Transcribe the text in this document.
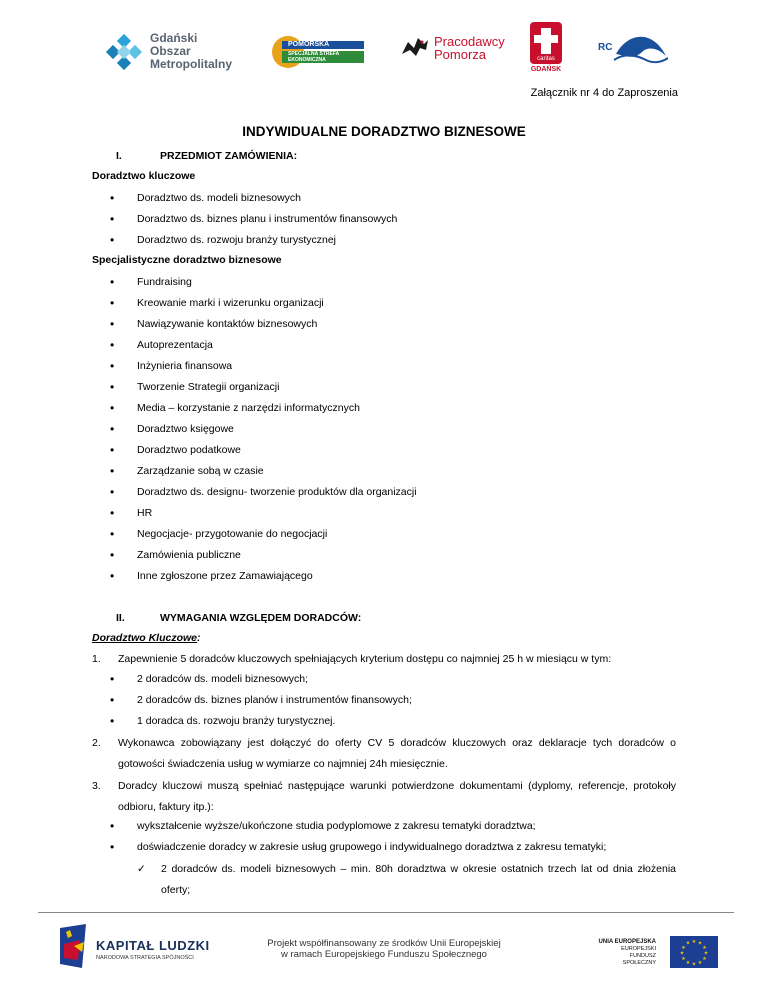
Gdański Obszar Metropolitalny
POMORSKA
SPECJALNA STREFA EKONOMICZNA
Pracodawcy Pomorza	caritas
GDAŃSK
RC
Załącznik nr 4 do Zaproszenia
INDYWIDUALNE DORADZTWO BIZNESOWE
I.	PRZEDMIOT ZAMÓWIENIA:
Doradztwo kluczowe
• Doradztwo ds. modeli biznesowych
• Doradztwo ds. biznes planu i instrumentów finansowych
• Doradztwo ds. rozwoju branży turystycznej
Specjalistyczne doradztwo biznesowe
• Fundraising
• Kreowanie marki i wizerunku organizacji
• Nawiązywanie kontaktów biznesowych
• Autoprezentacja
• Inżynieria finansowa
• Tworzenie Strategii organizacji
• Media – korzystanie z narzędzi informatycznych
• Doradztwo księgowe
• Doradztwo podatkowe
• Zarządzanie sobą w czasie
• Doradztwo ds. designu- tworzenie produktów dla organizacji
• HR
• Negocjacje- przygotowanie do negocjacji
• Zamówienia publiczne
• Inne zgłoszone przez Zamawiającego
II.	WYMAGANIA WZGLĘDEM DORADCÓW:
Doradztwo Kluczowe:
1. Zapewnienie 5 doradców kluczowych spełniających kryterium dostępu co najmniej 25 h w miesiącu w tym:
• 2 doradców ds. modeli biznesowych;
• 2 doradców ds. biznes planów i instrumentów finansowych;
• 1 doradca ds. rozwoju branży turystycznej.
2. Wykonawca zobowiązany jest dołączyć do oferty CV 5 doradców kluczowych oraz deklaracje tych doradców o gotowości świadczenia usług w wymiarze co najmniej 24h miesięcznie.
3. Doradcy kluczowi muszą spełniać następujące warunki potwierdzone dokumentami (dyplomy, referencje, protokoły odbioru, faktury itp.):
• wykształcenie wyższe/ukończone studia podyplomowe z zakresu tematyki doradztwa;
• doświadczenie doradcy w zakresie usług grupowego i indywidualnego doradztwa z zakresu tematyki;
✓ 2 doradców ds. modeli biznesowych – min. 80h doradztwa w okresie ostatnich trzech lat od dnia złożenia oferty;
KAPITAŁ LUDZKI
NARODOWA STRATEGIA SPÓJNOŚCI
Projekt współfinansowany ze środków Unii Europejskiej
w ramach Europejskiego Funduszu Społecznego
UNIA EUROPEJSKA
EUROPEJSKI
FUNDUSZ SPOŁECZNY
★ ★
★
★
★
★
★
★
★
★
★
★
